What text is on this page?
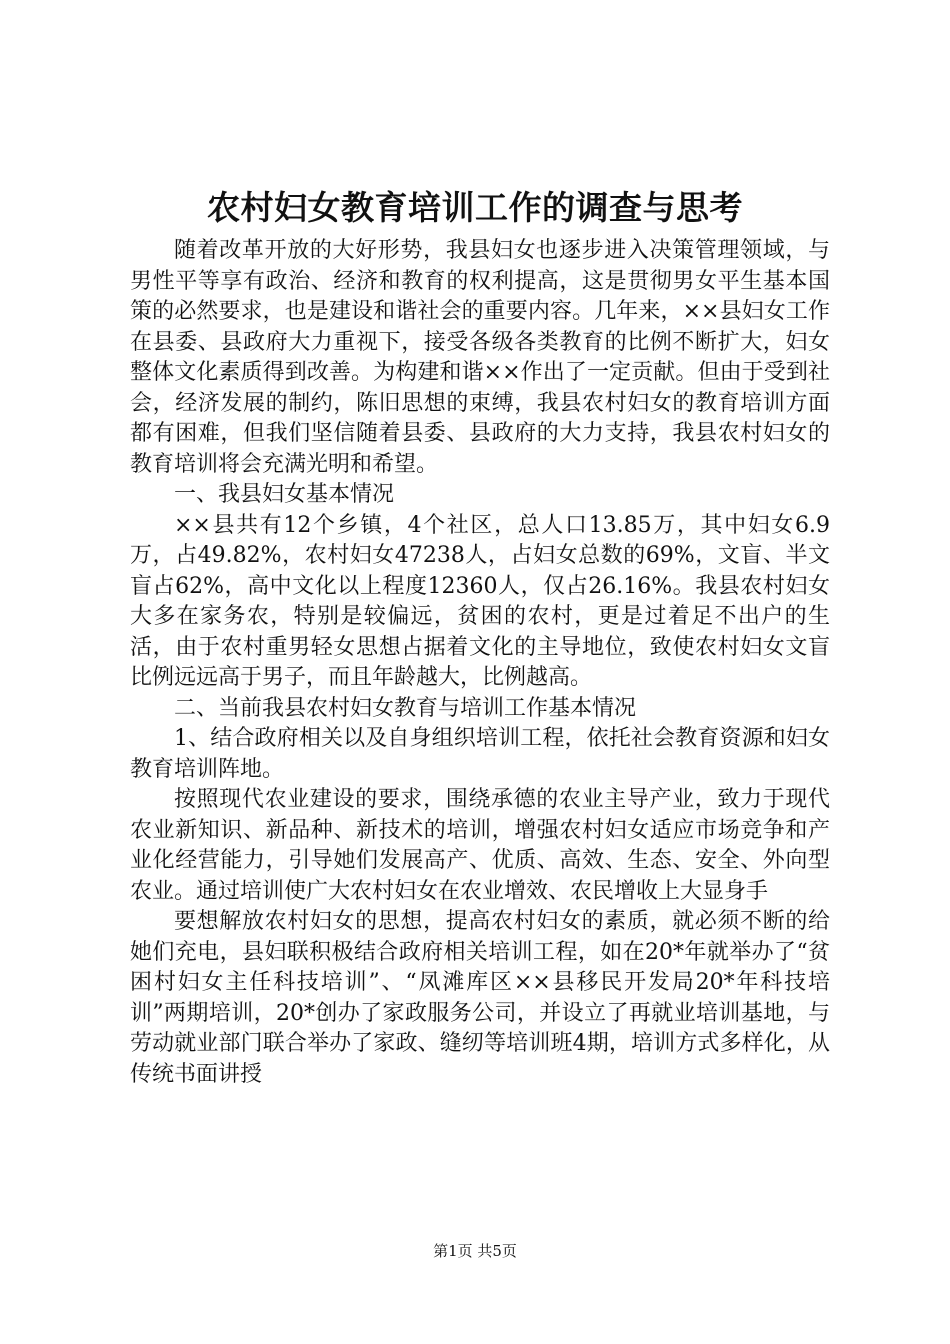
农村妇女教育培训工作的调查与思考

随着改革开放的大好形势，我县妇女也逐步进入决策管理领域，与男性平等享有政治、经济和教育的权利提高，这是贯彻男女平生基本国策的必然要求，也是建设和谐社会的重要内容。几年来，××县妇女工作在县委、县政府大力重视下，接受各级各类教育的比例不断扩大，妇女整体文化素质得到改善。为构建和谐××作出了一定贡献。但由于受到社会，经济发展的制约，陈旧思想的束缚，我县农村妇女的教育培训方面都有困难，但我们坚信随着县委、县政府的大力支持，我县农村妇女的教育培训将会充满光明和希望。

一、我县妇女基本情况

××县共有12个乡镇，4个社区，总人口13.85万，其中妇女6.9万，占49.82%，农村妇女47238人，占妇女总数的69%，文盲、半文盲占62%，高中文化以上程度12360人，仅占26.16%。我县农村妇女大多在家务农，特别是较偏远，贫困的农村，更是过着足不出户的生活，由于农村重男轻女思想占据着文化的主导地位，致使农村妇女文盲比例远远高于男子，而且年龄越大，比例越高。

二、当前我县农村妇女教育与培训工作基本情况

1、结合政府相关以及自身组织培训工程，依托社会教育资源和妇女教育培训阵地。

按照现代农业建设的要求，围绕承德的农业主导产业，致力于现代农业新知识、新品种、新技术的培训，增强农村妇女适应市场竞争和产业化经营能力，引导她们发展高产、优质、高效、生态、安全、外向型农业。通过培训使广大农村妇女在农业增效、农民增收上大显身手

要想解放农村妇女的思想，提高农村妇女的素质，就必须不断的给她们充电，县妇联积极结合政府相关培训工程，如在20*年就举办了“贫困村妇女主任科技培训”、“凤滩库区××县移民开发局20*年科技培训”两期培训，20*创办了家政服务公司，并设立了再就业培训基地，与劳动就业部门联合举办了家政、缝纫等培训班4期，培训方式多样化，从传统书面讲授

第1页 共5页
